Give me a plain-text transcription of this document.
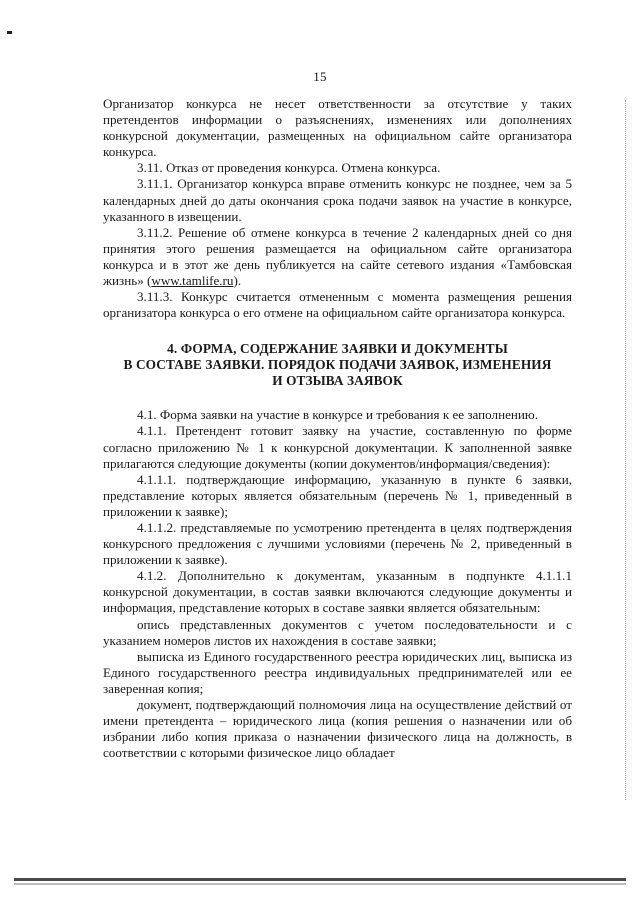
15

Организатор конкурса не несет ответственности за отсутствие у таких претендентов информации о разъяснениях, изменениях или дополнениях конкурсной документации, размещенных на официальном сайте организатора конкурса.

3.11. Отказ от проведения конкурса. Отмена конкурса.

3.11.1. Организатор конкурса вправе отменить конкурс не позднее, чем за 5 календарных дней до даты окончания срока подачи заявок на участие в конкурсе, указанного в извещении.

3.11.2. Решение об отмене конкурса в течение 2 календарных дней со дня принятия этого решения размещается на официальном сайте организатора конкурса и в этот же день публикуется на сайте сетевого издания «Тамбовская жизнь» (www.tamlife.ru).

3.11.3. Конкурс считается отмененным с момента размещения решения организатора конкурса о его отмене на официальном сайте организатора конкурса.

4. ФОРМА, СОДЕРЖАНИЕ ЗАЯВКИ И ДОКУМЕНТЫ
В СОСТАВЕ ЗАЯВКИ. ПОРЯДОК ПОДАЧИ ЗАЯВОК, ИЗМЕНЕНИЯ
И ОТЗЫВА ЗАЯВОК

4.1. Форма заявки на участие в конкурсе и требования к ее заполнению.

4.1.1. Претендент готовит заявку на участие, составленную по форме согласно приложению № 1 к конкурсной документации. К заполненной заявке прилагаются следующие документы (копии документов/информация/сведения):

4.1.1.1. подтверждающие информацию, указанную в пункте 6 заявки, представление которых является обязательным (перечень № 1, приведенный в приложении к заявке);

4.1.1.2. представляемые по усмотрению претендента в целях подтверждения конкурсного предложения с лучшими условиями (перечень № 2, приведенный в приложении к заявке).

4.1.2. Дополнительно к документам, указанным в подпункте 4.1.1.1 конкурсной документации, в состав заявки включаются следующие документы и информация, представление которых в составе заявки является обязательным:

опись представленных документов с учетом последовательности и с указанием номеров листов их нахождения в составе заявки;

выписка из Единого государственного реестра юридических лиц, выписка из Единого государственного реестра индивидуальных предпринимателей или ее заверенная копия;

документ, подтверждающий полномочия лица на осуществление действий от имени претендента – юридического лица (копия решения о назначении или об избрании либо копия приказа о назначении физического лица на должность, в соответствии с которыми физическое лицо обладает
